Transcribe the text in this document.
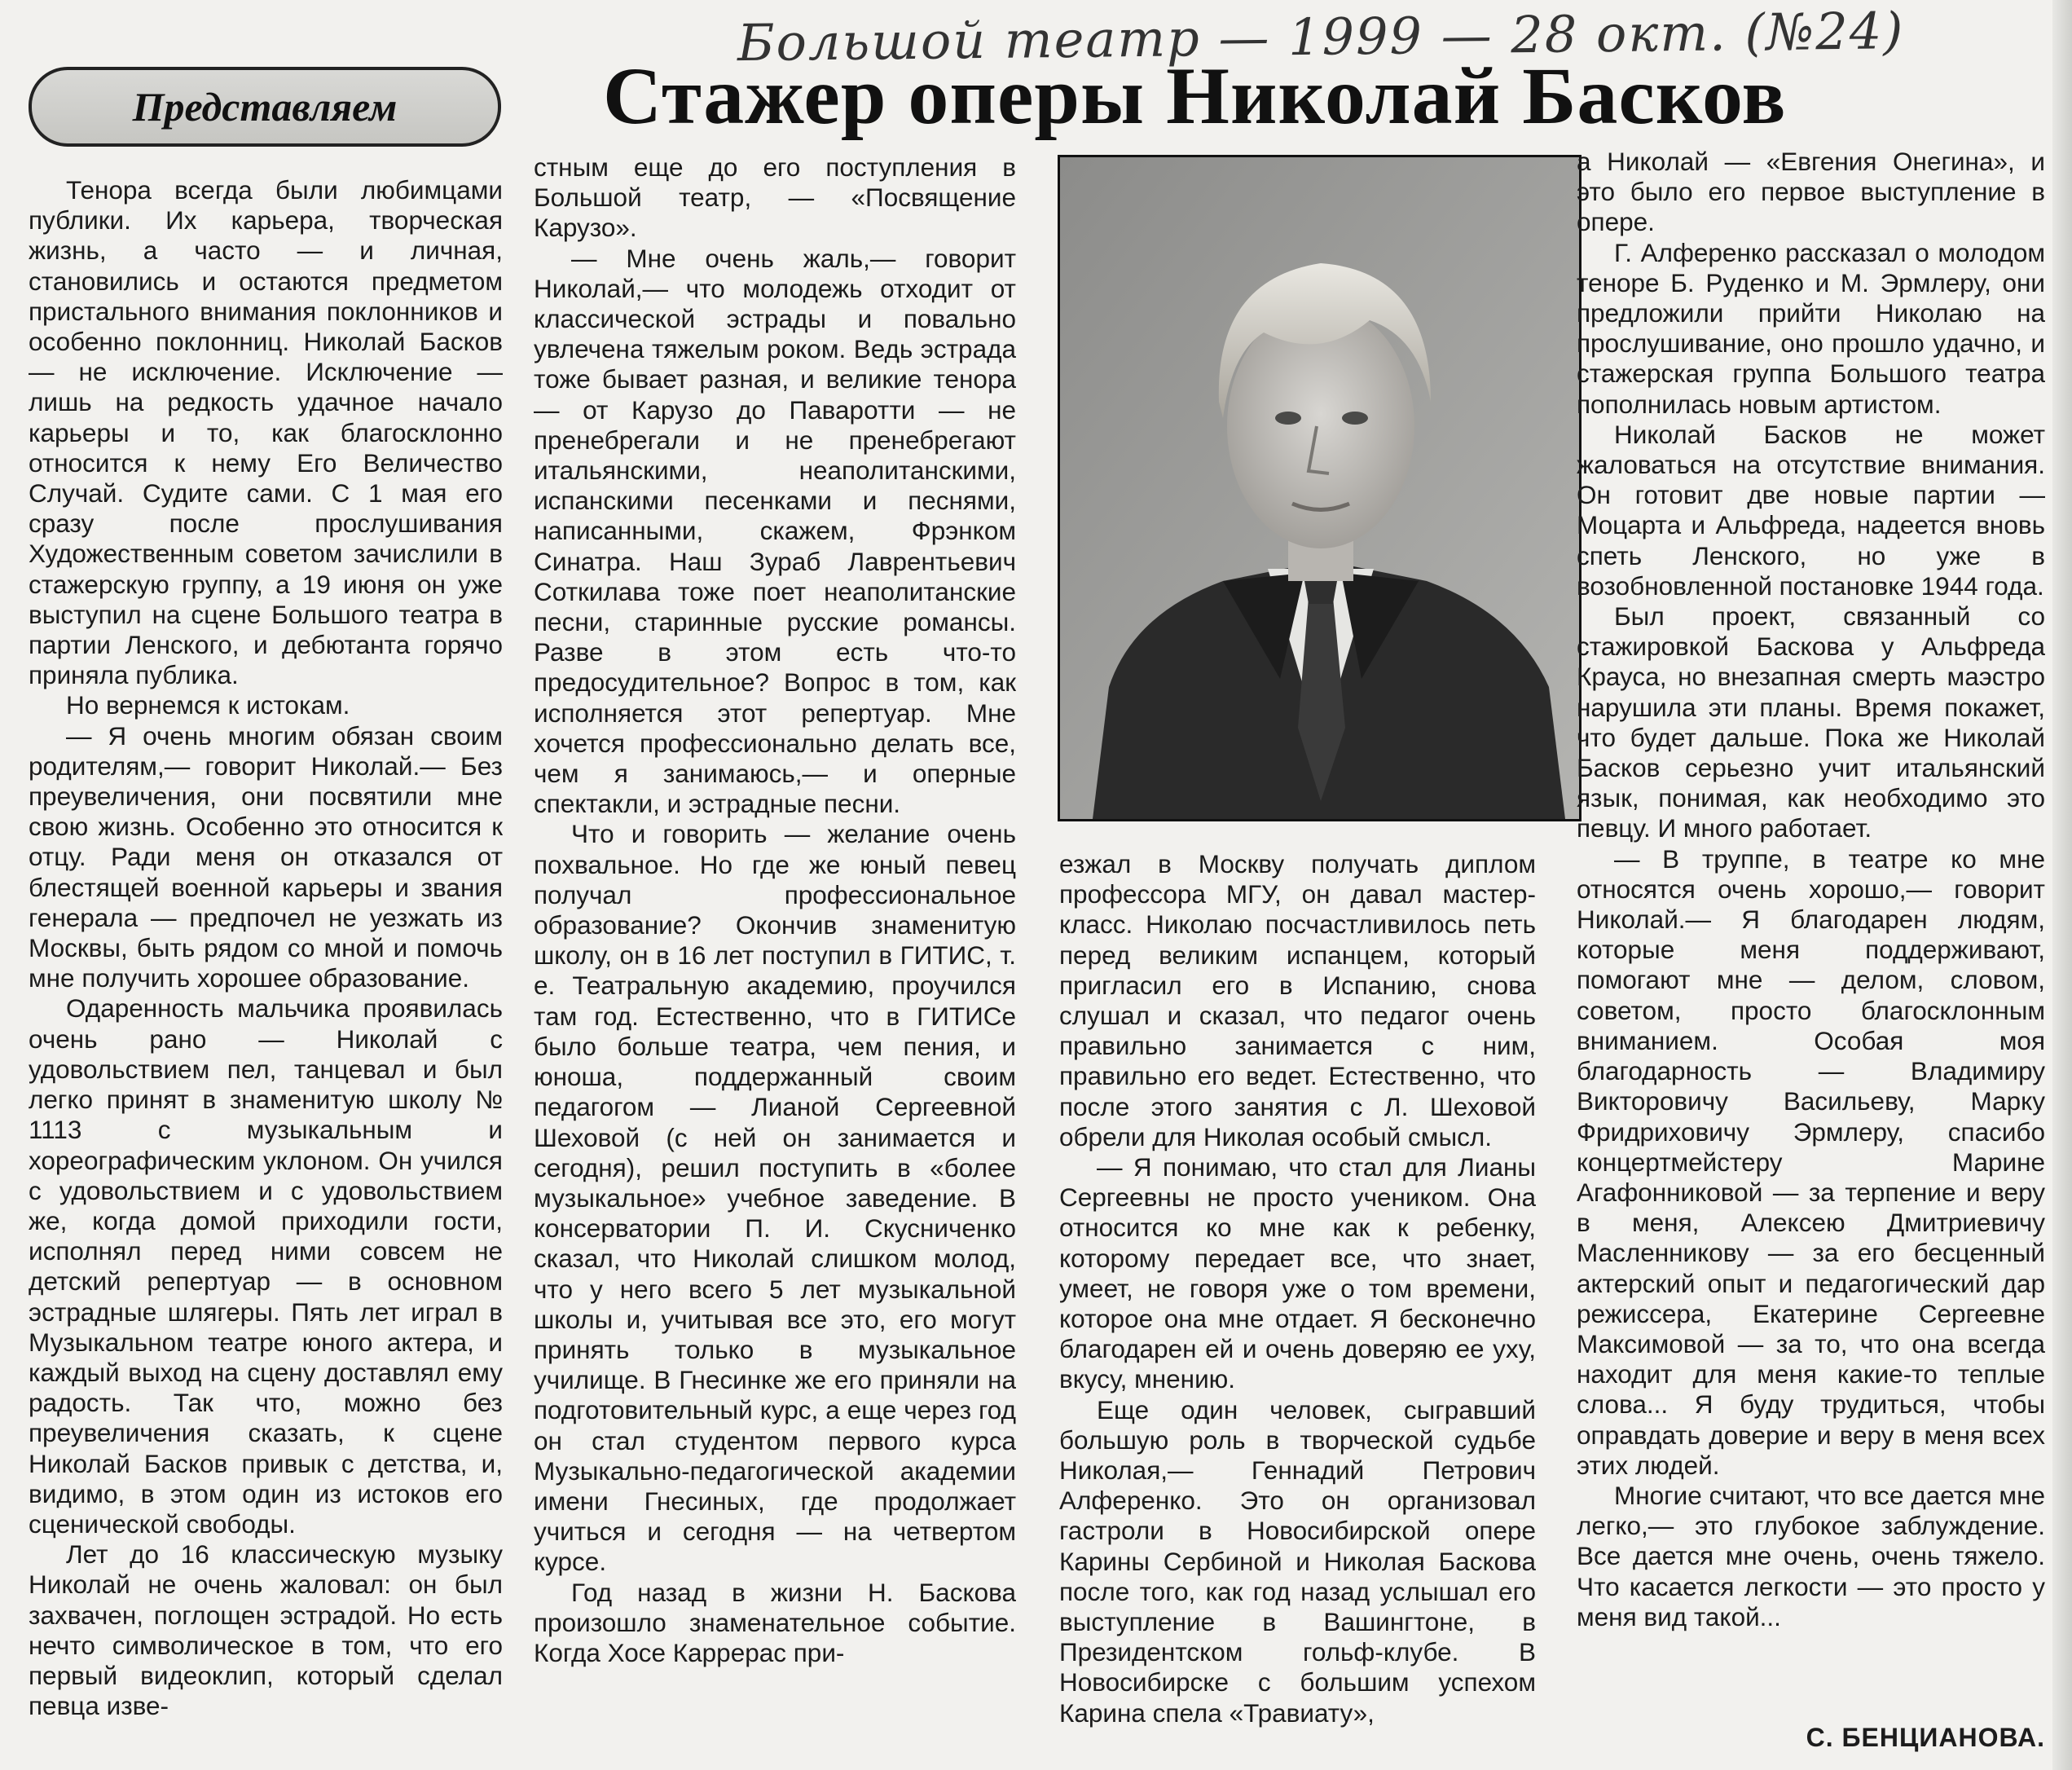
Большой театр — 1999 — 28 окт. (№24)
Представляем	Стажер оперы Николай Басков

Тенора всегда были любимцами публики. Их карьера, творческая жизнь, а часто — и личная, становились и остаются предметом пристального внимания поклонников и особенно поклонниц. Николай Басков — не исключение. Исключение — лишь на редкость удачное начало карьеры и то, как благосклонно относится к нему Его Величество Случай. Судите сами. С 1 мая его сразу после прослушивания Художественным советом зачислили в стажерскую группу, а 19 июня он уже выступил на сцене Большого театра в партии Ленского, и дебютанта горячо приняла публика.

Но вернемся к истокам.

— Я очень многим обязан своим родителям,— говорит Николай.— Без преувеличения, они посвятили мне свою жизнь. Особенно это относится к отцу. Ради меня он отказался от блестящей военной карьеры и звания генерала — предпочел не уезжать из Москвы, быть рядом со мной и помочь мне получить хорошее образование.

Одаренность мальчика проявилась очень рано — Николай с удовольствием пел, танцевал и был легко принят в знаменитую школу № 1113 с музыкальным и хореографическим уклоном. Он учился с удовольствием и с удовольствием же, когда домой приходили гости, исполнял перед ними совсем не детский репертуар — в основном эстрадные шлягеры. Пять лет играл в Музыкальном театре юного актера, и каждый выход на сцену доставлял ему радость. Так что, можно без преувеличения сказать, к сцене Николай Басков привык с детства, и, видимо, в этом один из истоков его сценической свободы.

Лет до 16 классическую музыку Николай не очень жаловал: он был захвачен, поглощен эстрадой. Но есть нечто символическое в том, что его первый видеоклип, который сделал певца изве-

стным еще до его поступления в Большой театр, — «Посвящение Карузо».

— Мне очень жаль,— говорит Николай,— что молодежь отходит от классической эстрады и повально увлечена тяжелым роком. Ведь эстрада тоже бывает разная, и великие тенора — от Карузо до Паваротти — не пренебрегали и не пренебрегают итальянскими, неаполитанскими, испанскими песенками и песнями, написанными, скажем, Фрэнком Синатра. Наш Зураб Лаврентьевич Соткилава тоже поет неаполитанские песни, старинные русские романсы. Разве в этом есть что-то предосудительное? Вопрос в том, как исполняется этот репертуар. Мне хочется профессионально делать все, чем я занимаюсь,— и оперные спектакли, и эстрадные песни.

Что и говорить — желание очень похвальное. Но где же юный певец получал профессиональное образование? Окончив знаменитую школу, он в 16 лет поступил в ГИТИС, т. е. Театральную академию, проучился там год. Естественно, что в ГИТИСе было больше театра, чем пения, и юноша, поддержанный своим педагогом — Лианой Сергеевной Шеховой (с ней он занимается и сегодня), решил поступить в «более музыкальное» учебное заведение. В консерватории П. И. Скусниченко сказал, что Николай слишком молод, что у него всего 5 лет музыкальной школы и, учитывая все это, его могут принять только в музыкальное училище. В Гнесинке же его приняли на подготовительный курс, а еще через год он стал студентом первого курса Музыкально-педагогической академии имени Гнесиных, где продолжает учиться и сегодня — на четвертом курсе.

Год назад в жизни Н. Баскова произошло знаменательное событие. Когда Хосе Каррерас при-

езжал в Москву получать диплом профессора МГУ, он давал мастер-класс. Николаю посчастливилось петь перед великим испанцем, который пригласил его в Испанию, снова слушал и сказал, что педагог очень правильно занимается с ним, правильно его ведет. Естественно, что после этого занятия с Л. Шеховой обрели для Николая особый смысл.

— Я понимаю, что стал для Лианы Сергеевны не просто учеником. Она относится ко мне как к ребенку, которому передает все, что знает, умеет, не говоря уже о том времени, которое она мне отдает. Я бесконечно благодарен ей и очень доверяю ее уху, вкусу, мнению.

Еще один человек, сыгравший большую роль в творческой судьбе Николая,— Геннадий Петрович Алференко. Это он организовал гастроли в Новосибирской опере Карины Сербиной и Николая Баскова после того, как год назад услышал его выступление в Вашингтоне, в Президентском гольф-клубе. В Новосибирске с большим успехом Карина спела «Травиату»,

а Николай — «Евгения Онегина», и это было его первое выступление в опере.

Г. Алференко рассказал о молодом теноре Б. Руденко и М. Эрмлеру, они предложили прийти Николаю на прослушивание, оно прошло удачно, и стажерская группа Большого театра пополнилась новым артистом.

Николай Басков не может жаловаться на отсутствие внимания. Он готовит две новые партии — Моцарта и Альфреда, надеется вновь спеть Ленского, но уже в возобновленной постановке 1944 года.

Был проект, связанный со стажировкой Баскова у Альфреда Крауса, но внезапная смерть маэстро нарушила эти планы. Время покажет, что будет дальше. Пока же Николай Басков серьезно учит итальянский язык, понимая, как необходимо это певцу. И много работает.

— В труппе, в театре ко мне относятся очень хорошо,— говорит Николай.— Я благодарен людям, которые меня поддерживают, помогают мне — делом, словом, советом, просто благосклонным вниманием. Особая моя благодарность — Владимиру Викторовичу Васильеву, Марку Фридриховичу Эрмлеру, спасибо концертмейстеру Марине Агафонниковой — за терпение и веру в меня, Алексею Дмитриевичу Масленникову — за его бесценный актерский опыт и педагогический дар режиссера, Екатерине Сергеевне Максимовой — за то, что она всегда находит для меня какие-то теплые слова... Я буду трудиться, чтобы оправдать доверие и веру в меня всех этих людей.

Многие считают, что все дается мне легко,— это глубокое заблуждение. Все дается мне очень, очень тяжело. Что касается легкости — это просто у меня вид такой...

С. БЕНЦИАНОВА.
